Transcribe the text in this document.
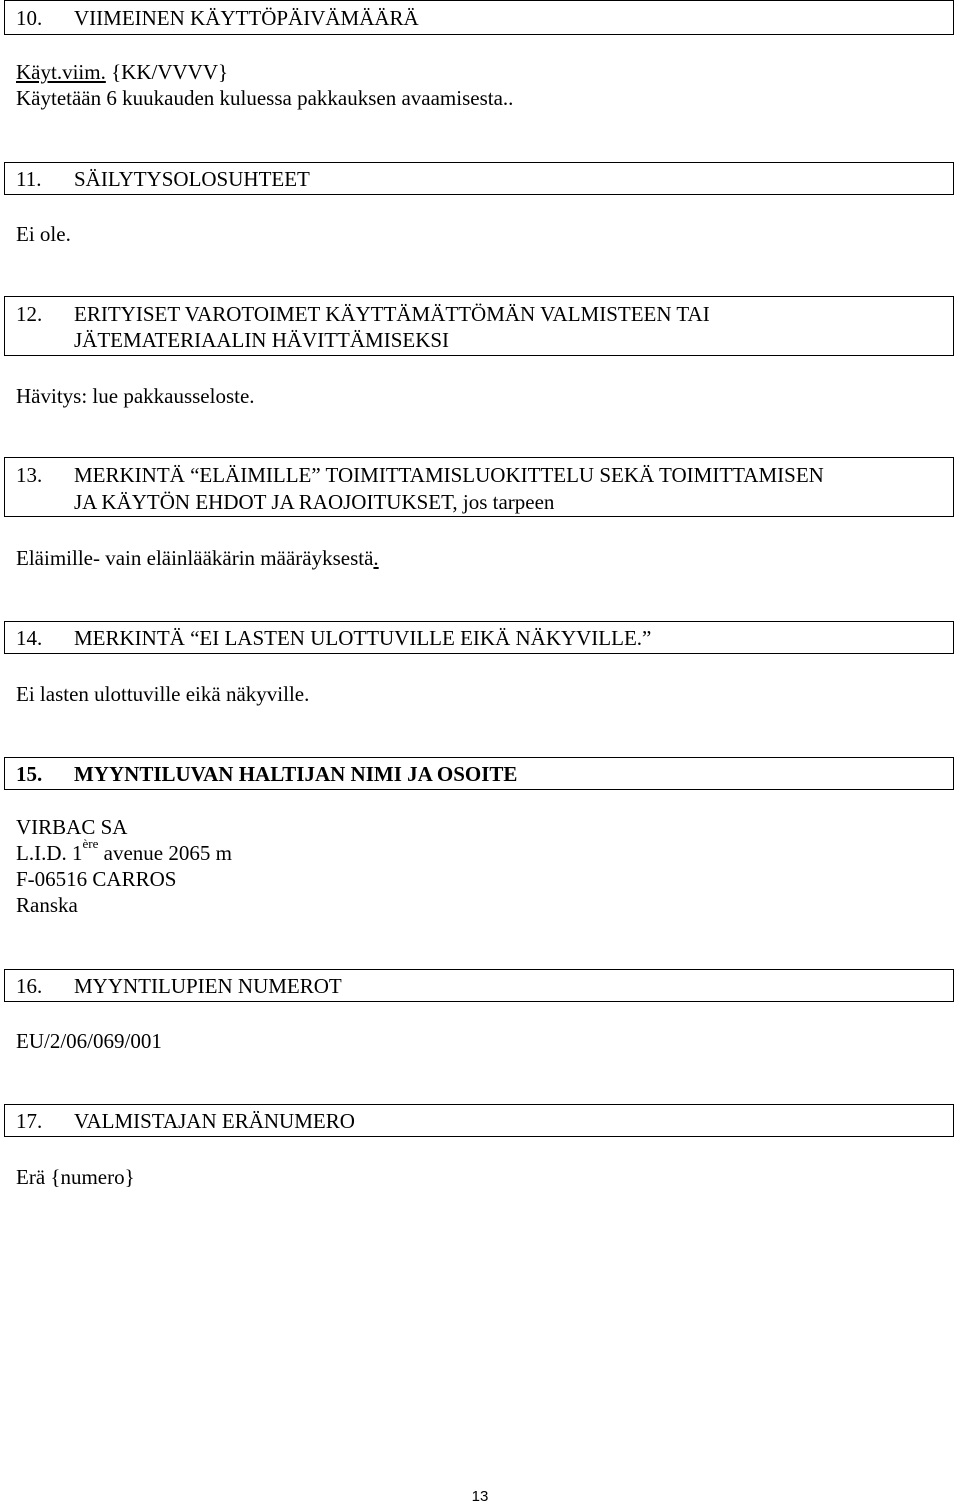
10. VIIMEINEN KÄYTTÖPÄIVÄMÄÄRÄ
Käyt.viim. {KK/VVVV}
Käytetään 6 kuukauden kuluessa pakkauksen avaamisesta..
11. SÄILYTYSOLOSUHTEET
Ei ole.
12. ERITYISET VAROTOIMET KÄYTTÄMÄTTÖMÄN VALMISTEEN TAI
JÄTEMATERIAALIN HÄVITTÄMISEKSI
Hävitys: lue pakkausseloste.
13. MERKINTÄ “ELÄIMILLE” TOIMITTAMISLUOKITTELU SEKÄ TOIMITTAMISEN
JA KÄYTÖN EHDOT JA RAOJOITUKSET, jos tarpeen
Eläimille- vain eläinlääkärin määräyksestä.
14. MERKINTÄ “EI LASTEN ULOTTUVILLE EIKÄ NÄKYVILLE.”
Ei lasten ulottuville eikä näkyville.
15. MYYNTILUVAN HALTIJAN NIMI JA OSOITE
VIRBAC SA
L.I.D. 1ère avenue 2065 m
F-06516 CARROS
Ranska
16. MYYNTILUPIEN NUMEROT
EU/2/06/069/001
17. VALMISTAJAN ERÄNUMERO
Erä {numero}
13
